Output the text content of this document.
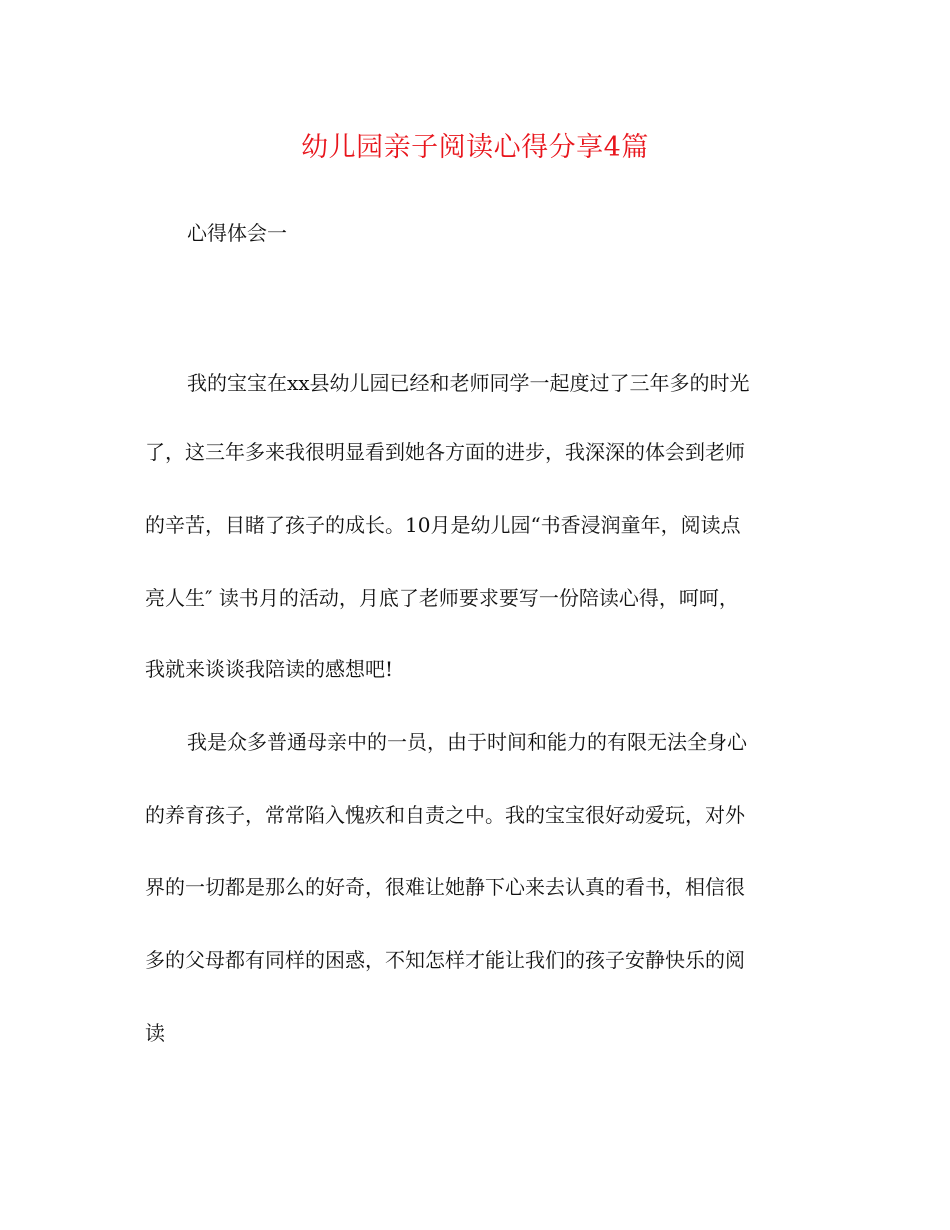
幼儿园亲子阅读心得分享4篇
心得体会一

我的宝宝在xx县幼儿园已经和老师同学一起度过了三年多的时光

了，这三年多来我很明显看到她各方面的进步，我深深的体会到老师

的辛苦，目睹了孩子的成长。10月是幼儿园“书香浸润童年，阅读点

亮人生″ 读书月的活动，月底了老师要求要写一份陪读心得，呵呵，

我就来谈谈我陪读的感想吧!

我是众多普通母亲中的一员，由于时间和能力的有限无法全身心

的养育孩子，常常陷入愧疚和自责之中。我的宝宝很好动爱玩，对外

界的一切都是那么的好奇，很难让她静下心来去认真的看书，相信很

多的父母都有同样的困惑，不知怎样才能让我们的孩子安静快乐的阅

读
